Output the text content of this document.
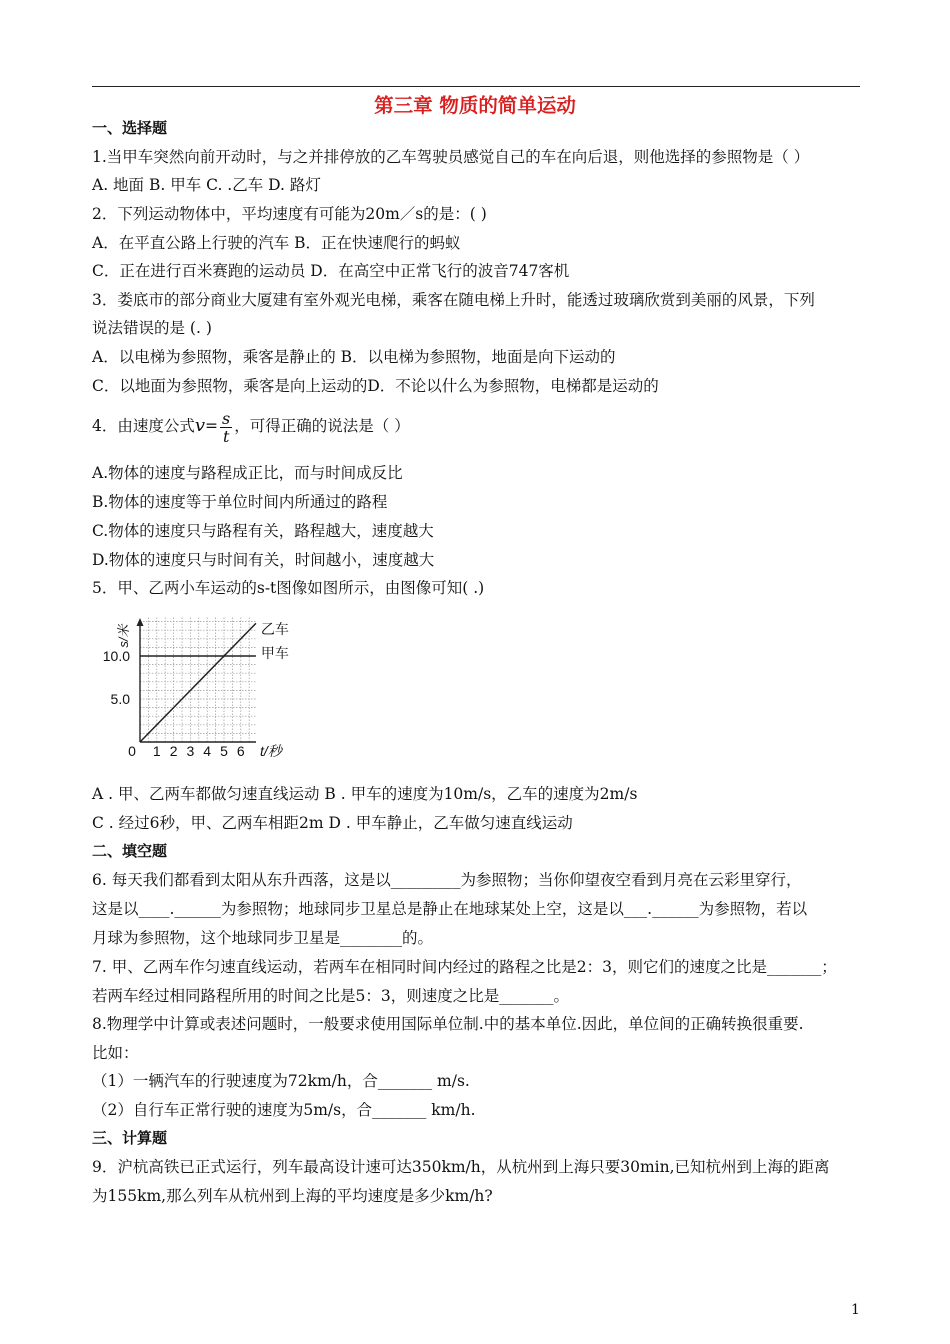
第三章 物质的简单运动
一、选择题
1.当甲车突然向前开动时，与之并排停放的乙车驾驶员感觉自己的车在向后退，则他选择的参照物是（ ）
A. 地面 B. 甲车 C. .乙车 D. 路灯
2．下列运动物体中，平均速度有可能为20m／s的是：( )
A．在平直公路上行驶的汽车 B．正在快速爬行的蚂蚁
C．正在进行百米赛跑的运动员 D．在高空中正常飞行的波音747客机
3．娄底市的部分商业大厦建有室外观光电梯，乘客在随电梯上升时，能透过玻璃欣赏到美丽的风景，下列
说法错误的是 (. )
A．以电梯为参照物，乘客是静止的 B．以电梯为参照物，地面是向下运动的
C．以地面为参照物，乘客是向上运动的D．不论以什么为参照物，电梯都是运动的
4．由速度公式$v= \frac{s}{t}$ ，可得正确的说法是（ ）
A.物体的速度与路程成正比，而与时间成反比
B.物体的速度等于单位时间内所通过的路程
C.物体的速度只与路程有关，路程越大，速度越大
D.物体的速度只与时间有关，时间越小，速度越大
5．甲、乙两小车运动的s-t图像如图所示，由图像可知( .)
s/米
0	t/秒
乙车
甲车
1 2 3 4 5 6
5.0
10.0
A . 甲、乙两车都做匀速直线运动 B . 甲车的速度为10m/s，乙车的速度为2m/s
C . 经过6秒，甲、乙两车相距2m D . 甲车静止，乙车做匀速直线运动
二、填空题
6. 每天我们都看到太阳从东升西落，这是以_________为参照物；当你仰望夜空看到月亮在云彩里穿行，
这是以____.______为参照物；地球同步卫星总是静止在地球某处上空，这是以___.______为参照物，若以
月球为参照物，这个地球同步卫星是________的。
7. 甲、乙两车作匀速直线运动，若两车在相同时间内经过的路程之比是2：3，则它们的速度之比是_______；
若两车经过相同路程所用的时间之比是5：3，则速度之比是_______。
8.物理学中计算或表述问题时，一般要求使用国际单位制.中的基本单位.因此，单位间的正确转换很重要.
比如：
（1）一辆汽车的行驶速度为72km/h，合_______ m/s.
（2）自行车正常行驶的速度为5m/s，合_______ km/h.
三、计算题
9．沪杭高铁已正式运行，列车最高设计速可达350km/h，从杭州到上海只要30min,已知杭州到上海的距离
为155km,那么列车从杭州到上海的平均速度是多少km/h?
1
